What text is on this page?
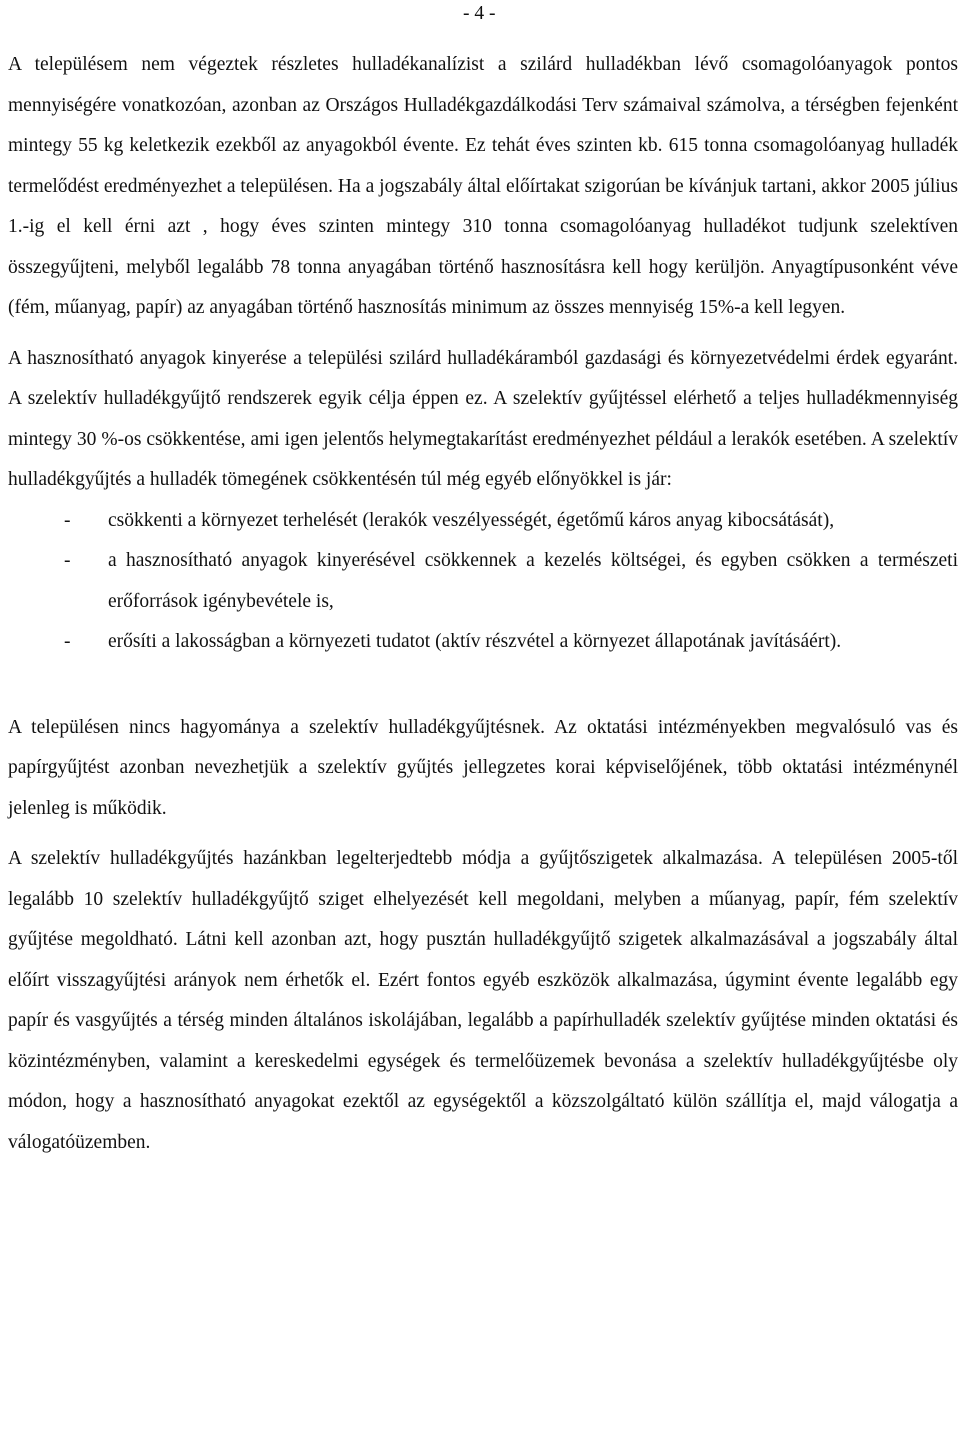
- 4 -

A településem nem végeztek részletes hulladékanalízist a szilárd hulladékban lévő csomagolóanyagok pontos mennyiségére vonatkozóan, azonban az Országos Hulladékgazdálkodási Terv számaival számolva, a térségben fejenként mintegy 55 kg keletkezik ezekből az anyagokból évente. Ez tehát éves szinten kb. 615 tonna csomagolóanyag hulladék termelődést eredményezhet a településen. Ha a jogszabály által előírtakat szigorúan be kívánjuk tartani, akkor 2005 július 1.-ig el kell érni azt , hogy éves szinten mintegy 310 tonna csomagolóanyag hulladékot tudjunk szelektíven összegyűjteni, melyből legalább 78 tonna anyagában történő hasznosításra kell hogy kerüljön. Anyagtípusonként véve (fém, műanyag, papír) az anyagában történő hasznosítás minimum az összes mennyiség 15%-a kell legyen.

A hasznosítható anyagok kinyerése a települési szilárd hulladékáramból gazdasági és környezetvédelmi érdek egyaránt. A szelektív hulladékgyűjtő rendszerek egyik célja éppen ez. A szelektív gyűjtéssel elérhető a teljes hulladékmennyiség mintegy 30 %-os csökkentése, ami igen jelentős helymegtakarítást eredményezhet például a lerakók esetében. A szelektív hulladékgyűjtés a hulladék tömegének csökkentésén túl még egyéb előnyökkel is jár:

- csökkenti a környezet terhelését (lerakók veszélyességét, égetőmű káros anyag kibocsátását),
- a hasznosítható anyagok kinyerésével csökkennek a kezelés költségei, és egyben csökken a természeti erőforrások igénybevétele is,
- erősíti a lakosságban a környezeti tudatot (aktív részvétel a környezet állapotának javításáért).

A településen nincs hagyománya a szelektív hulladékgyűjtésnek. Az oktatási intézményekben megvalósuló vas és papírgyűjtést azonban nevezhetjük a szelektív gyűjtés jellegzetes korai képviselőjének, több oktatási intézménynél jelenleg is működik.

A szelektív hulladékgyűjtés hazánkban legelterjedtebb módja a gyűjtőszigetek alkalmazása. A településen 2005-től legalább 10 szelektív hulladékgyűjtő sziget elhelyezését kell megoldani, melyben a műanyag, papír, fém szelektív gyűjtése megoldható. Látni kell azonban azt, hogy pusztán hulladékgyűjtő szigetek alkalmazásával a jogszabály által előírt visszagyűjtési arányok nem érhetők el. Ezért fontos egyéb eszközök alkalmazása, úgymint évente legalább egy papír és vasgyűjtés a térség minden általános iskolájában, legalább a papírhulladék szelektív gyűjtése minden oktatási és közintézményben, valamint a kereskedelmi egységek és termelőüzemek bevonása a szelektív hulladékgyűjtésbe oly módon, hogy a hasznosítható anyagokat ezektől az egységektől a közszolgáltató külön szállítja el, majd válogatja a válogatóüzemben.
